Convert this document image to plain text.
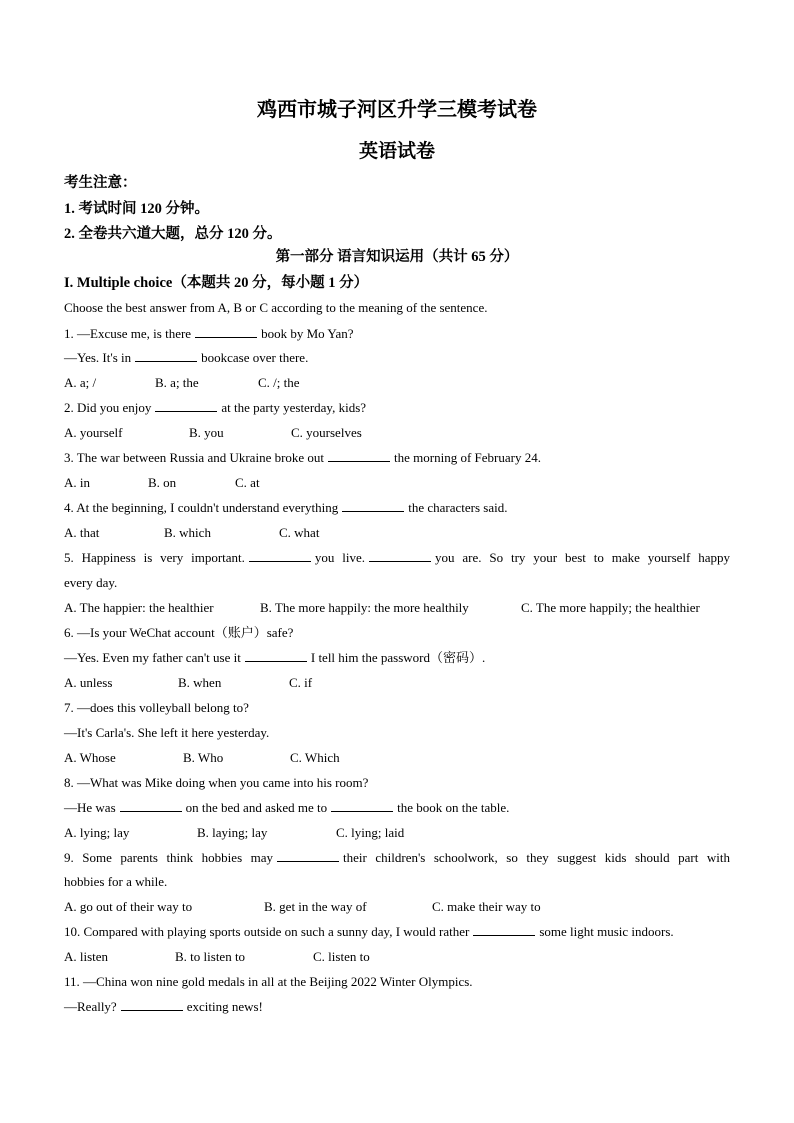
鸡西市城子河区升学三模考试卷
英语试卷
考生注意：
1. 考试时间 120 分钟。
2. 全卷共六道大题，总分 120 分。
第一部分 语言知识运用（共计 65 分）
I. Multiple choice（本题共 20 分，每小题 1 分）
Choose the best answer from A, B or C according to the meaning of the sentence.
1. —Excuse me, is there	book by Mo Yan?
—Yes. It's in	bookcase over there.
A. a; /	B. a; the	C. /; the
2. Did you enjoy	at the party yesterday, kids?
A. yourself	B. you	C. yourselves
3. The war between Russia and Ukraine broke out	the morning of February 24.
A. in	B. on	C. at
4. At the beginning, I couldn't understand everything	the characters said.
A. that	B. which	C. what
5. Happiness is very important.	you live.	you are. So try your best to make yourself happy
every day.
A. The happier: the healthier	B. The more happily: the more healthily	C. The more happily; the healthier
6. —Is your WeChat account（账户）safe?
—Yes. Even my father can't use it	I tell him the password（密码）.
A. unless	B. when	C. if
7. —does this volleyball belong to?
—It's Carla's. She left it here yesterday.
A. Whose	B. Who	C. Which
8. —What was Mike doing when you came into his room?
—He was	on the bed and asked me to	the book on the table.
A. lying; lay	B. laying; lay	C. lying; laid
9. Some parents think hobbies may	their children's schoolwork, so they suggest kids should part with
hobbies for a while.
A. go out of their way to	B. get in the way of	C. make their way to
10. Compared with playing sports outside on such a sunny day, I would rather	some light music indoors.
A. listen	B. to listen to	C. listen to
11. —China won nine gold medals in all at the Beijing 2022 Winter Olympics.
—Really?	exciting news!
